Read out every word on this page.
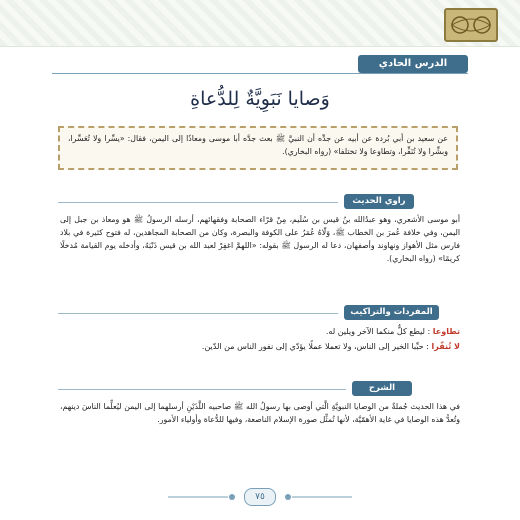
الدرس الحادي والعشرون
وَصايا نَبَوِيَّةٌ لِلدُّعاةِ
عن سعيد بن أبي بُردة عن أبيه عن جدِّه أن النبيَّ ﷺ بعث جدَّه أبا موسى ومعاذًا إلى اليمن، فقال: «يسِّرا ولا تُعَسِّرا، وبشِّرا ولا تُنَفِّرا، وتطاوعا ولا تختلفا» (رواه البخاري).
راوي الحديث
أبو موسى الأشعري، وهو عبدُالله بنُ قيس بن سُلَيم، مِنْ قرّاء الصحابة وفقهائهم، أرسله الرسولُ ﷺ هو ومعاذ بن جبل إلى اليمن، وفي خلافة عُمرَ بن الخطاب ﷺ، وَلّاهُ عُمَرُ على الكوفة والبصرة، وكان من الصحابة المجاهدين، له فتوح كثيرة في بلاد فارس مثل الأهواز ونهاوند وأصفهان، دعا له الرسول ﷺ بقوله: «اللهمَّ اغفِرْ لعبد الله بن قيس ذَنْبَهُ، وأدخله يوم القيامة مُدخلًا كريمًا» (رواه البخاري).
المفردات والتراكيب
تطاوعا : ليطع كلٌّ منكما الآخر ويلين له.
لا تُنفّرا : حبِّبا الخير إلى الناس، ولا تعملا عملًا يؤدّي إلى نفور الناس من الدّين.
الشرح
في هذا الحديث جُملةٌ من الوصايا النبويَّةِ الَّتي أوصى بها رسولُ الله ﷺ صاحبيه اللَّذَيْنِ أرسلهما إلى اليمن ليُعلِّما الناسَ دينهم، وتُعدُّ هذه الوصايا في غاية الأهمّيَّة، لأنها تُمثِّل صورة الإسلام الناصعة، وفيها للدُّعاة وأولياء الأمور.
٧٥
